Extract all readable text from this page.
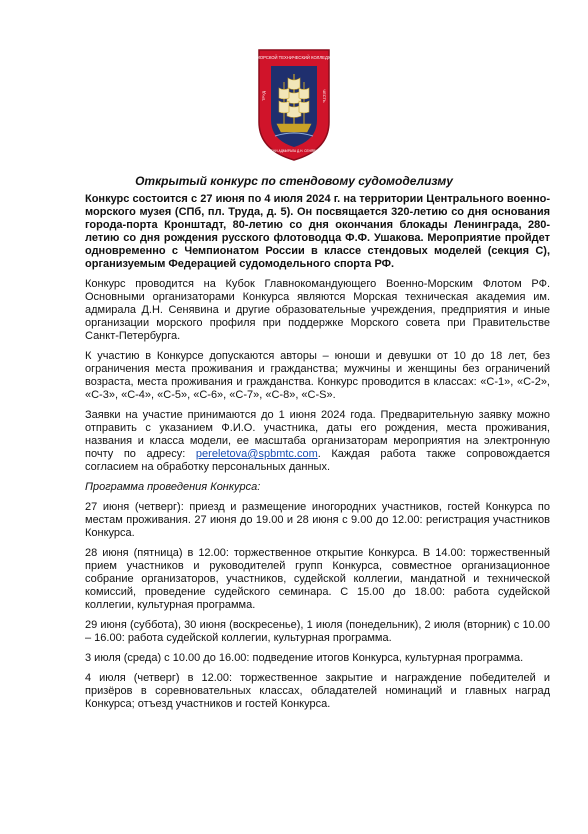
МОРСКОЙ ТЕХНИЧЕСКИЙ КОЛЛЕДЖ
ТРУД	ЧЕСТЬ
ИМЕНИ АДМИРАЛА Д.Н. СЕНЯВИНА
Открытый конкурс по стендовому судомоделизму

Конкурс состоится с 27 июня по 4 июля 2024 г. на территории Центрального военно-морского музея (СПб, пл. Труда, д. 5). Он посвящается 320-летию со дня основания города-порта Кронштадт, 80-летию со дня окончания блокады Ленинграда, 280-летию со дня рождения русского флотоводца Ф.Ф. Ушакова. Мероприятие пройдет одновременно с Чемпионатом России в классе стендовых моделей (секция С), организуемым Федерацией судомодельного спорта РФ.

Конкурс проводится на Кубок Главнокомандующего Военно-Морским Флотом РФ. Основными организаторами Конкурса являются Морская техническая академия им. адмирала Д.Н. Сенявина и другие образовательные учреждения, предприятия и иные организации морского профиля при поддержке Морского совета при Правительстве Санкт-Петербурга.

К участию в Конкурсе допускаются авторы – юноши и девушки от 10 до 18 лет, без ограничения места проживания и гражданства; мужчины и женщины без ограничений возраста, места проживания и гражданства. Конкурс проводится в классах: «С-1», «С-2», «С-3», «С-4», «С-5», «С-6», «С-7», «С-8», «С-S».

Заявки на участие принимаются до 1 июня 2024 года. Предварительную заявку можно отправить с указанием Ф.И.О. участника, даты его рождения, места проживания, названия и класса модели, ее масштаба организаторам мероприятия на электронную почту по адресу: pereletova@spbmtc.com. Каждая работа также сопровождается согласием на обработку персональных данных.

Программа проведения Конкурса:

27 июня (четверг): приезд и размещение иногородних участников, гостей Конкурса по местам проживания. 27 июня до 19.00 и 28 июня с 9.00 до 12.00: регистрация участников Конкурса.

28 июня (пятница) в 12.00: торжественное открытие Конкурса. В 14.00: торжественный прием участников и руководителей групп Конкурса, совместное организационное собрание организаторов, участников, судейской коллегии, мандатной и технической комиссий, проведение судейского семинара. С 15.00 до 18.00: работа судейской коллегии, культурная программа.

29 июня (суббота), 30 июня (воскресенье), 1 июля (понедельник), 2 июля (вторник) с 10.00 – 16.00: работа судейской коллегии, культурная программа.

3 июля (среда) с 10.00 до 16.00: подведение итогов Конкурса, культурная программа.

4 июля (четверг) в 12.00: торжественное закрытие и награждение победителей и призёров в соревновательных классах, обладателей номинаций и главных наград Конкурса; отъезд участников и гостей Конкурса.
